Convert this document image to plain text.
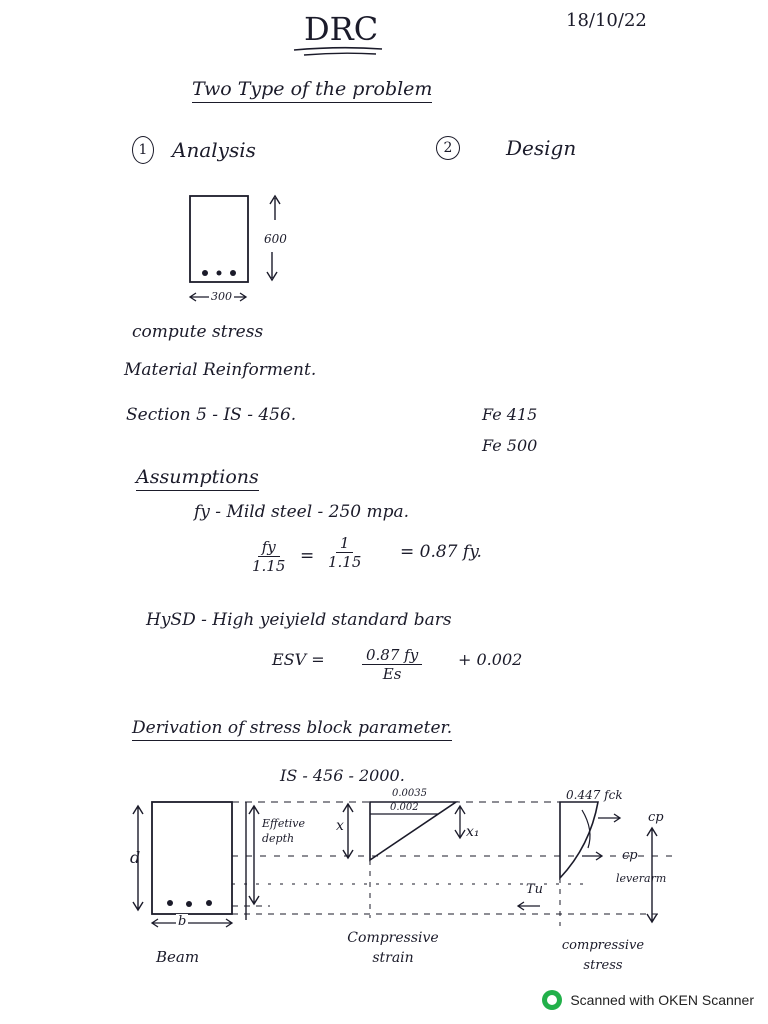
DRC	18/10/22
Two Type of the problem
1	Analysis	2	Design
600
300
compute stress
Material Reinforment.
Section 5 - IS - 456.	Fe 415
Fe 500
Assumptions
fy - Mild steel - 250 mpa.
$\frac{fy}{1.15} = \frac{1}{1.15} = 0.87$ fy.
HySD - High yeiyield standard bars
ESV = $\frac{0.87 fy}{Es} + 0.002$
Derivation of stress block parameter.
IS - 456 - 2000.
d
Effetive depth
b
Beam
x	x₁
0.0035
0.002
Compressive strain
0.447 fck
cp
cp
leverarm
Tu
compressive stress
Scanned with OKEN Scanner
